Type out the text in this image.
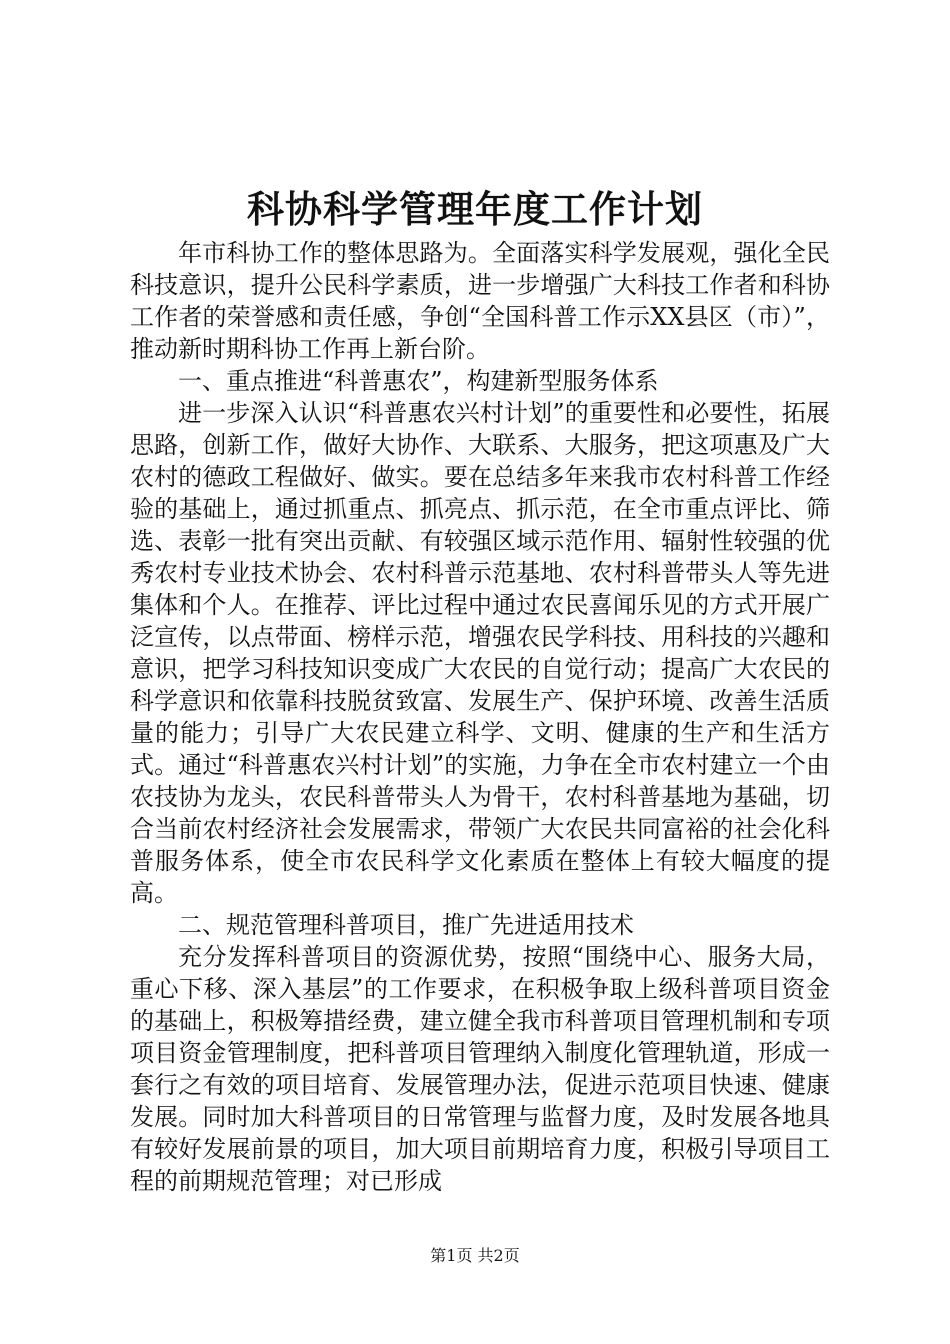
科协科学管理年度工作计划

年市科协工作的整体思路为。全面落实科学发展观，强化全民科技意识，提升公民科学素质，进一步增强广大科技工作者和科协工作者的荣誉感和责任感，争创“全国科普工作示XX县区（市）”，推动新时期科协工作再上新台阶。

一、重点推进“科普惠农”，构建新型服务体系

进一步深入认识“科普惠农兴村计划”的重要性和必要性，拓展思路，创新工作，做好大协作、大联系、大服务，把这项惠及广大农村的德政工程做好、做实。要在总结多年来我市农村科普工作经验的基础上，通过抓重点、抓亮点、抓示范，在全市重点评比、筛选、表彰一批有突出贡献、有较强区域示范作用、辐射性较强的优秀农村专业技术协会、农村科普示范基地、农村科普带头人等先进集体和个人。在推荐、评比过程中通过农民喜闻乐见的方式开展广泛宣传，以点带面、榜样示范，增强农民学科技、用科技的兴趣和意识，把学习科技知识变成广大农民的自觉行动；提高广大农民的科学意识和依靠科技脱贫致富、发展生产、保护环境、改善生活质量的能力；引导广大农民建立科学、文明、健康的生产和生活方式。通过“科普惠农兴村计划”的实施，力争在全市农村建立一个由农技协为龙头，农民科普带头人为骨干，农村科普基地为基础，切合当前农村经济社会发展需求，带领广大农民共同富裕的社会化科普服务体系，使全市农民科学文化素质在整体上有较大幅度的提高。

二、规范管理科普项目，推广先进适用技术

充分发挥科普项目的资源优势，按照“围绕中心、服务大局，重心下移、深入基层”的工作要求，在积极争取上级科普项目资金的基础上，积极筹措经费，建立健全我市科普项目管理机制和专项项目资金管理制度，把科普项目管理纳入制度化管理轨道，形成一套行之有效的项目培育、发展管理办法，促进示范项目快速、健康发展。同时加大科普项目的日常管理与监督力度，及时发展各地具有较好发展前景的项目，加大项目前期培育力度，积极引导项目工程的前期规范管理；对已形成

第1页 共2页
